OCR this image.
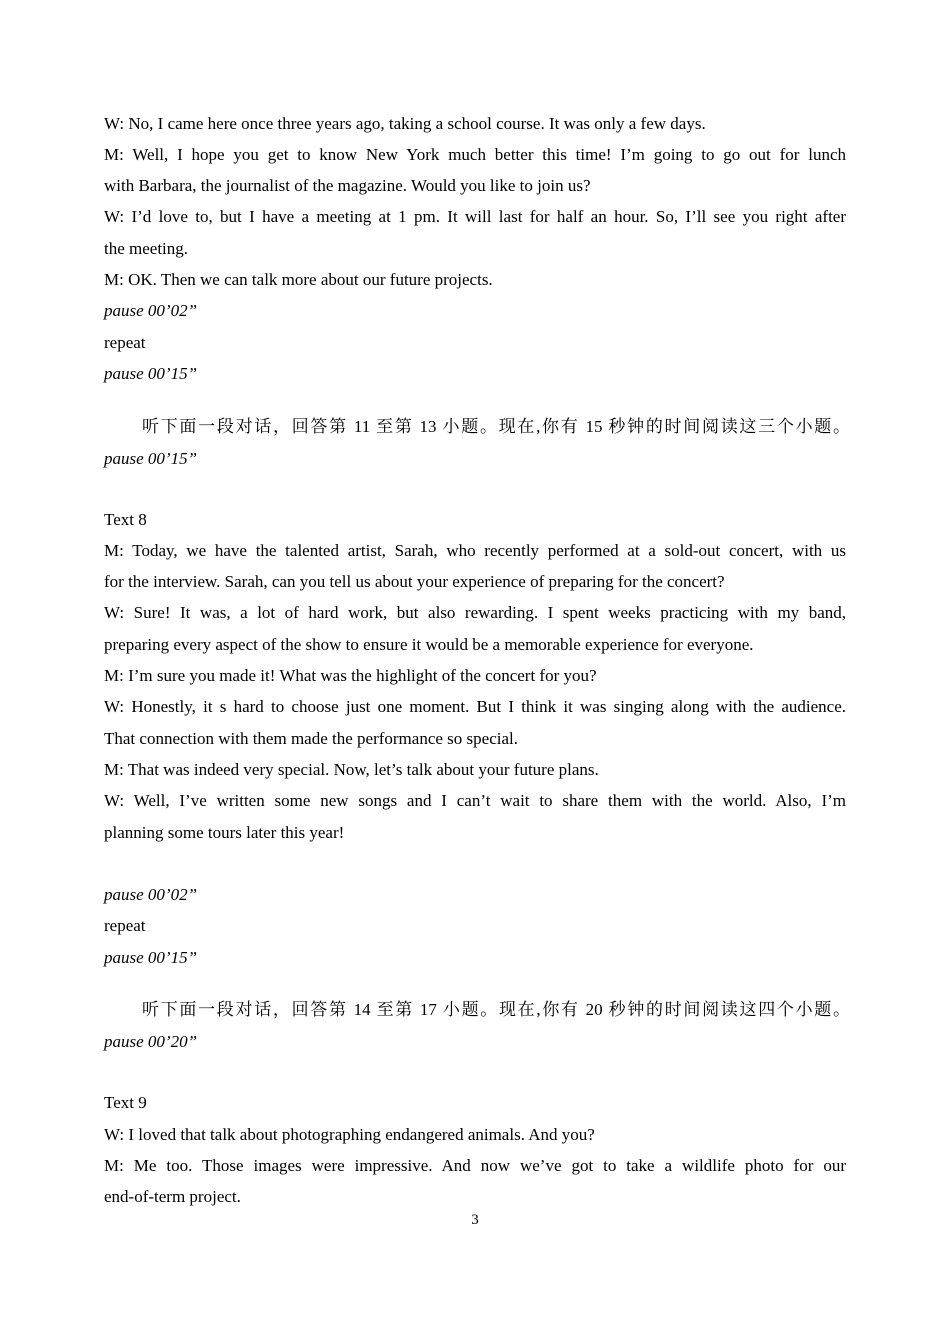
W: No, I came here once three years ago, taking a school course. It was only a few days.
M: Well, I hope you get to know New York much better this time! I’m going to go out for lunch
with Barbara, the journalist of the magazine. Would you like to join us?
W: I’d love to, but I have a meeting at 1 pm. It will last for half an hour. So, I’ll see you right after
the meeting.
M: OK. Then we can talk more about our future projects.
pause 00’02”
repeat
pause 00’15”
听下面一段对话，回答第 11 至第 13 小题。现在,你有 15 秒钟的时间阅读这三个小题。
pause 00’15”
Text 8
M: Today, we have the talented artist, Sarah, who recently performed at a sold-out concert, with us
for the interview. Sarah, can you tell us about your experience of preparing for the concert?
W: Sure! It was, a lot of hard work, but also rewarding. I spent weeks practicing with my band,
preparing every aspect of the show to ensure it would be a memorable experience for everyone.
M: I’m sure you made it! What was the highlight of the concert for you?
W: Honestly, it s hard to choose just one moment. But I think it was singing along with the audience.
That connection with them made the performance so special.
M: That was indeed very special. Now, let’s talk about your future plans.
W: Well, I’ve written some new songs and I can’t wait to share them with the world. Also, I’m
planning some tours later this year!
pause 00’02”
repeat
pause 00’15”
听下面一段对话，回答第 14 至第 17 小题。现在,你有 20 秒钟的时间阅读这四个小题。
pause 00’20”
Text 9
W: I loved that talk about photographing endangered animals. And you?
M: Me too. Those images were impressive. And now we’ve got to take a wildlife photo for our
end-of-term project.
3
